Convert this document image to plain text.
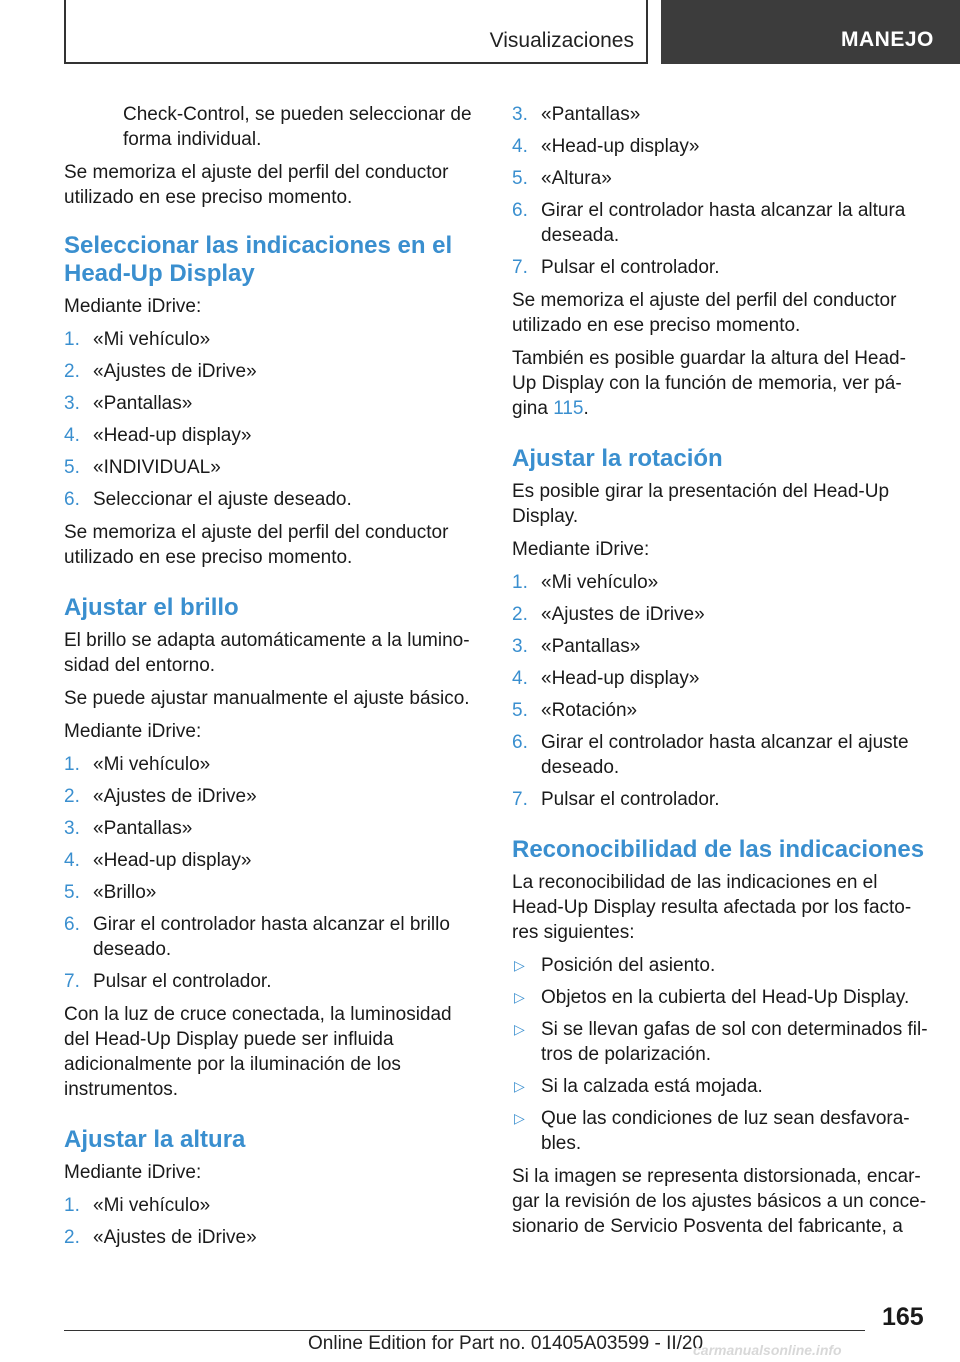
Visualizaciones	MANEJO

Check-Control, se pueden seleccionar de forma individual.

Se memoriza el ajuste del perfil del conductor utilizado en ese preciso momento.

Seleccionar las indicaciones en el Head-Up Display

Mediante iDrive:

1. «Mi vehículo»
2. «Ajustes de iDrive»
3. «Pantallas»
4. «Head-up display»
5. «INDIVIDUAL»
6. Seleccionar el ajuste deseado.

Se memoriza el ajuste del perfil del conductor utilizado en ese preciso momento.

Ajustar el brillo

El brillo se adapta automáticamente a la luminosidad del entorno.

Se puede ajustar manualmente el ajuste básico.

Mediante iDrive:

1. «Mi vehículo»
2. «Ajustes de iDrive»
3. «Pantallas»
4. «Head-up display»
5. «Brillo»
6. Girar el controlador hasta alcanzar el brillo deseado.
7. Pulsar el controlador.

Con la luz de cruce conectada, la luminosidad del Head-Up Display puede ser influida adicionalmente por la iluminación de los instrumentos.

Ajustar la altura

Mediante iDrive:

1. «Mi vehículo»
2. «Ajustes de iDrive»
3. «Pantallas»
4. «Head-up display»
5. «Altura»
6. Girar el controlador hasta alcanzar la altura deseada.
7. Pulsar el controlador.

Se memoriza el ajuste del perfil del conductor utilizado en ese preciso momento.

También es posible guardar la altura del Head-Up Display con la función de memoria, ver página 115.

Ajustar la rotación

Es posible girar la presentación del Head-Up Display.

Mediante iDrive:

1. «Mi vehículo»
2. «Ajustes de iDrive»
3. «Pantallas»
4. «Head-up display»
5. «Rotación»
6. Girar el controlador hasta alcanzar el ajuste deseado.
7. Pulsar el controlador.
Reconocibilidad de las indicaciones

La reconocibilidad de las indicaciones en el Head-Up Display resulta afectada por los factores siguientes:

▷ Posición del asiento.
▷ Objetos en la cubierta del Head-Up Display.
▷ Si se llevan gafas de sol con determinados filtros de polarización.
▷ Si la calzada está mojada.
▷ Que las condiciones de luz sean desfavorables.

Si la imagen se representa distorsionada, encargar la revisión de los ajustes básicos a un concesionario de Servicio Posventa del fabricante, a

165
Online Edition for Part no. 01405A03599 - II/20
carmanualsonline.info
